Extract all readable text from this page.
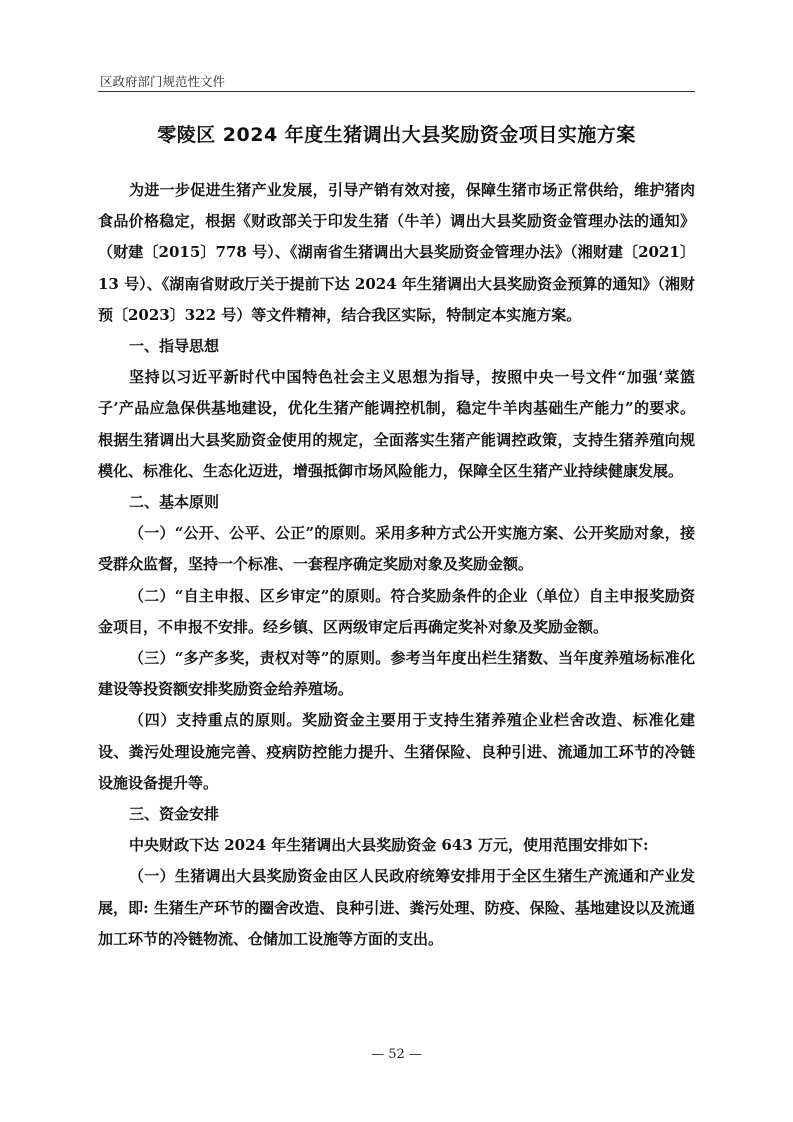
区政府部门规范性文件
零陵区 2024 年度生猪调出大县奖励资金项目实施方案

为进一步促进生猪产业发展，引导产销有效对接，保障生猪市场正常供给，维护猪肉食品价格稳定，根据《财政部关于印发生猪（牛羊）调出大县奖励资金管理办法的通知》（财建〔2015〕778 号）、《湖南省生猪调出大县奖励资金管理办法》（湘财建〔2021〕13 号）、《湖南省财政厅关于提前下达 2024 年生猪调出大县奖励资金预算的通知》（湘财预〔2023〕322 号）等文件精神，结合我区实际，特制定本实施方案。

一、指导思想

坚持以习近平新时代中国特色社会主义思想为指导，按照中央一号文件“加强‘菜篮子’产品应急保供基地建设，优化生猪产能调控机制，稳定牛羊肉基础生产能力”的要求。根据生猪调出大县奖励资金使用的规定，全面落实生猪产能调控政策，支持生猪养殖向规模化、标准化、生态化迈进，增强抵御市场风险能力，保障全区生猪产业持续健康发展。

二、基本原则

（一）“公开、公平、公正”的原则。采用多种方式公开实施方案、公开奖励对象，接受群众监督，坚持一个标准、一套程序确定奖励对象及奖励金额。

（二）“自主申报、区乡审定”的原则。符合奖励条件的企业（单位）自主申报奖励资金项目，不申报不安排。经乡镇、区两级审定后再确定奖补对象及奖励金额。

（三）“多产多奖，责权对等”的原则。参考当年度出栏生猪数、当年度养殖场标准化建设等投资额安排奖励资金给养殖场。

（四）支持重点的原则。奖励资金主要用于支持生猪养殖企业栏舍改造、标准化建设、粪污处理设施完善、疫病防控能力提升、生猪保险、良种引进、流通加工环节的冷链设施设备提升等。

三、资金安排

中央财政下达 2024 年生猪调出大县奖励资金 643 万元，使用范围安排如下:

（一）生猪调出大县奖励资金由区人民政府统筹安排用于全区生猪生产流通和产业发展，即: 生猪生产环节的圈舍改造、良种引进、粪污处理、防疫、保险、基地建设以及流通加工环节的冷链物流、仓储加工设施等方面的支出。

— 52 —
